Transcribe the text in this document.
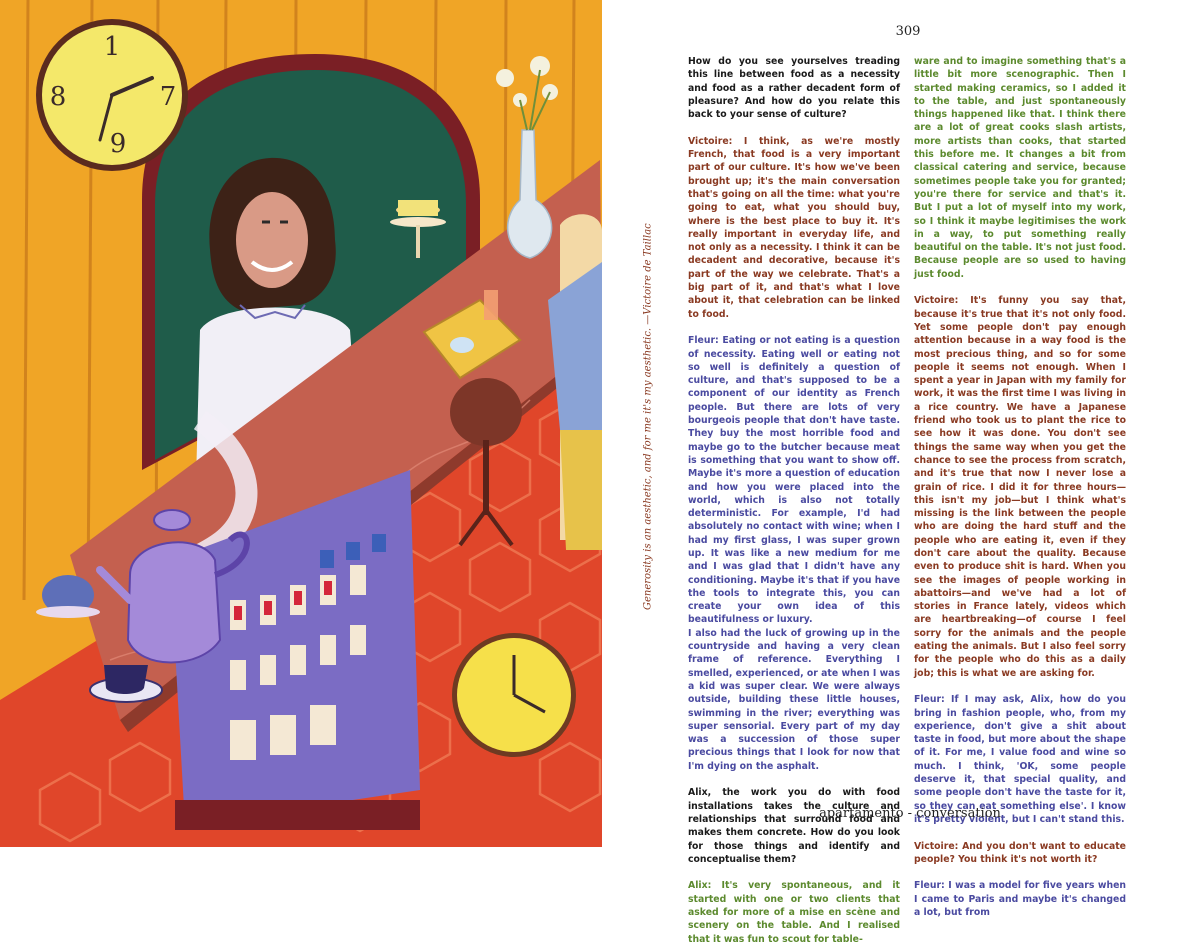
1
8	7
9
Generosity is an aesthetic, and for me it's my aesthetic. —Victoire de Taillac
309

How do you see yourselves treading this line between food as a necessity and food as a rather decadent form of pleasure? And how do you relate this back to your sense of culture?

Victoire: I think, as we're mostly French, that food is a very important part of our culture. It's how we've been brought up; it's the main conversation that's going on all the time: what you're going to eat, what you should buy, where is the best place to buy it. It's really important in everyday life, and not only as a necessity. I think it can be decadent and decorative, because it's part of the way we celebrate. That's a big part of it, and that's what I love about it, that celebration can be linked to food.

Fleur: Eating or not eating is a question of necessity. Eating well or eating not so well is definitely a question of culture, and that's supposed to be a component of our identity as French people. But there are lots of very bourgeois people that don't have taste. They buy the most horrible food and maybe go to the butcher because meat is something that you want to show off. Maybe it's more a question of education and how you were placed into the world, which is also not totally deterministic. For example, I'd had absolutely no contact with wine; when I had my first glass, I was super grown up. It was like a new medium for me and I was glad that I didn't have any conditioning. Maybe it's that if you have the tools to integrate this, you can create your own idea of this beautifulness or luxury.

I also had the luck of growing up in the countryside and having a very clean frame of reference. Everything I smelled, experienced, or ate when I was a kid was super clear. We were always outside, building these little houses, swimming in the river; everything was super sensorial. Every part of my day was a succession of those super precious things that I look for now that I'm dying on the asphalt.

Alix, the work you do with food installations takes the culture and relationships that surround food and makes them concrete. How do you look for those things and identify and conceptualise them?

Alix: It's very spontaneous, and it started with one or two clients that asked for more of a mise en scène and scenery on the table. And I realised that it was fun to scout for table-

ware and to imagine something that's a little bit more scenographic. Then I started making ceramics, so I added it to the table, and just spontaneously things happened like that. I think there are a lot of great cooks slash artists, more artists than cooks, that started this before me. It changes a bit from classical catering and service, because sometimes people take you for granted; you're there for service and that's it. But I put a lot of myself into my work, so I think it maybe legitimises the work in a way, to put something really beautiful on the table. It's not just food. Because people are so used to having just food.

Victoire: It's funny you say that, because it's true that it's not only food. Yet some people don't pay enough attention because in a way food is the most precious thing, and so for some people it seems not enough. When I spent a year in Japan with my family for work, it was the first time I was living in a rice country. We have a Japanese friend who took us to plant the rice to see how it was done. You don't see things the same way when you get the chance to see the process from scratch, and it's true that now I never lose a grain of rice. I did it for three hours—this isn't my job—but I think what's missing is the link between the people who are doing the hard stuff and the people who are eating it, even if they don't care about the quality. Because even to produce shit is hard. When you see the images of people working in abattoirs—and we've had a lot of stories in France lately, videos which are heartbreaking—of course I feel sorry for the animals and the people eating the animals. But I also feel sorry for the people who do this as a daily job; this is what we are asking for.

Fleur: If I may ask, Alix, how do you bring in fashion people, who, from my experience, don't give a shit about taste in food, but more about the shape of it. For me, I value food and wine so much. I think, 'OK, some people deserve it, that special quality, and some people don't have the taste for it, so they can eat something else'. I know it's pretty violent, but I can't stand this.

Victoire: And you don't want to educate people? You think it's not worth it?

Fleur: I was a model for five years when I came to Paris and maybe it's changed a lot, but from

apartamento - conversation
